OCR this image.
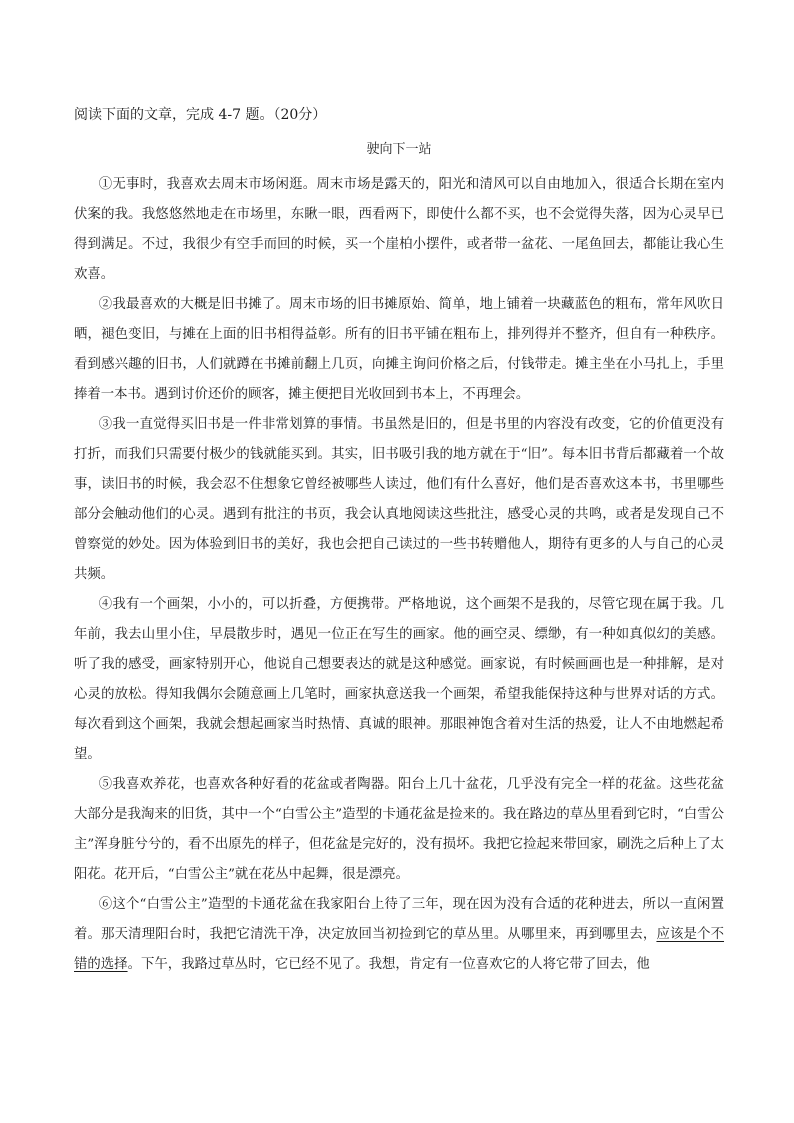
阅读下面的文章，完成 4-7 题。（20分）

驶向下一站

①无事时，我喜欢去周末市场闲逛。周末市场是露天的，阳光和清风可以自由地加入，很适合长期在室内伏案的我。我悠悠然地走在市场里，东瞅一眼，西看两下，即使什么都不买，也不会觉得失落，因为心灵早已得到满足。不过，我很少有空手而回的时候，买一个崖柏小摆件，或者带一盆花、一尾鱼回去，都能让我心生欢喜。

②我最喜欢的大概是旧书摊了。周末市场的旧书摊原始、简单，地上铺着一块藏蓝色的粗布，常年风吹日晒，褪色变旧，与摊在上面的旧书相得益彰。所有的旧书平铺在粗布上，排列得并不整齐，但自有一种秩序。看到感兴趣的旧书，人们就蹲在书摊前翻上几页，向摊主询问价格之后，付钱带走。摊主坐在小马扎上，手里捧着一本书。遇到讨价还价的顾客，摊主便把目光收回到书本上，不再理会。

③我一直觉得买旧书是一件非常划算的事情。书虽然是旧的，但是书里的内容没有改变，它的价值更没有打折，而我们只需要付极少的钱就能买到。其实，旧书吸引我的地方就在于“旧”。每本旧书背后都藏着一个故事，读旧书的时候，我会忍不住想象它曾经被哪些人读过，他们有什么喜好，他们是否喜欢这本书，书里哪些部分会触动他们的心灵。遇到有批注的书页，我会认真地阅读这些批注，感受心灵的共鸣，或者是发现自己不曾察觉的妙处。因为体验到旧书的美好，我也会把自己读过的一些书转赠他人，期待有更多的人与自己的心灵共频。

④我有一个画架，小小的，可以折叠，方便携带。严格地说，这个画架不是我的，尽管它现在属于我。几年前，我去山里小住，早晨散步时，遇见一位正在写生的画家。他的画空灵、缥缈，有一种如真似幻的美感。听了我的感受，画家特别开心，他说自己想要表达的就是这种感觉。画家说，有时候画画也是一种排解，是对心灵的放松。得知我偶尔会随意画上几笔时，画家执意送我一个画架，希望我能保持这种与世界对话的方式。每次看到这个画架，我就会想起画家当时热情、真诚的眼神。那眼神饱含着对生活的热爱，让人不由地燃起希望。

⑤我喜欢养花，也喜欢各种好看的花盆或者陶器。阳台上几十盆花，几乎没有完全一样的花盆。这些花盆大部分是我淘来的旧货，其中一个“白雪公主”造型的卡通花盆是捡来的。我在路边的草丛里看到它时，“白雪公主”浑身脏兮兮的，看不出原先的样子，但花盆是完好的，没有损坏。我把它捡起来带回家，刷洗之后种上了太阳花。花开后，“白雪公主”就在花丛中起舞，很是漂亮。

⑥这个“白雪公主”造型的卡通花盆在我家阳台上待了三年，现在因为没有合适的花种进去，所以一直闲置着。那天清理阳台时，我把它清洗干净，决定放回当初捡到它的草丛里。从哪里来，再到哪里去，应该是个不错的选择。下午，我路过草丛时，它已经不见了。我想，肯定有一位喜欢它的人将它带了回去，他
